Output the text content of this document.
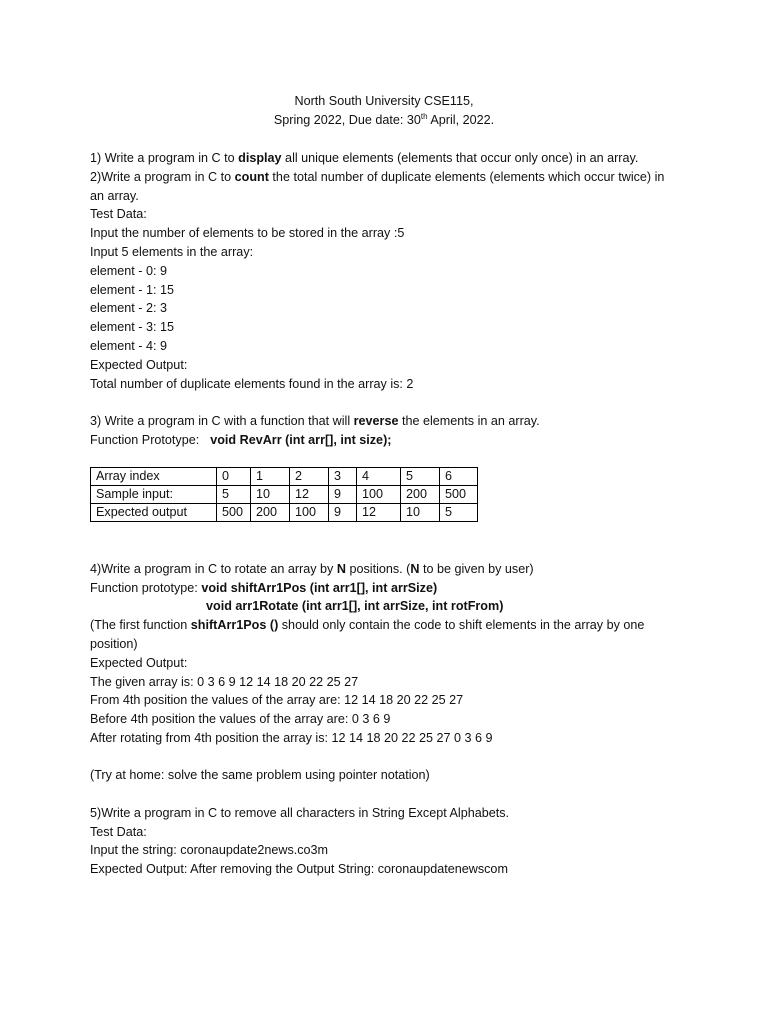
North South University CSE115,
Spring 2022, Due date: 30th April, 2022.
1) Write a program in C to display all unique elements (elements that occur only once) in an array.
2)Write a program in C to count the total number of duplicate elements (elements which occur twice) in
an array.
Test Data:
Input the number of elements to be stored in the array :5
Input 5 elements in the array:
element - 0: 9
element - 1: 15
element - 2: 3
element - 3: 15
element - 4: 9
Expected Output:
Total number of duplicate elements found in the array is: 2
3) Write a program in C with a function that will reverse the elements in an array.
Function Prototype: void RevArr (int arr[], int size);
Array index	0	1	2	3	4	5	6
Sample input:	5	10	12	9	100	200	500
Expected output	500	200	100	9	12	10	5
4)Write a program in C to rotate an array by N positions. (N to be given by user)
Function prototype: void shiftArr1Pos (int arr1[], int arrSize)
void arr1Rotate (int arr1[], int arrSize, int rotFrom)
(The first function shiftArr1Pos () should only contain the code to shift elements in the array by one
position)
Expected Output:
The given array is: 0 3 6 9 12 14 18 20 22 25 27
From 4th position the values of the array are: 12 14 18 20 22 25 27
Before 4th position the values of the array are: 0 3 6 9
After rotating from 4th position the array is: 12 14 18 20 22 25 27 0 3 6 9
(Try at home: solve the same problem using pointer notation)
5)Write a program in C to remove all characters in String Except Alphabets.
Test Data:
Input the string: coronaupdate2news.co3m
Expected Output: After removing the Output String: coronaupdatenewscom
